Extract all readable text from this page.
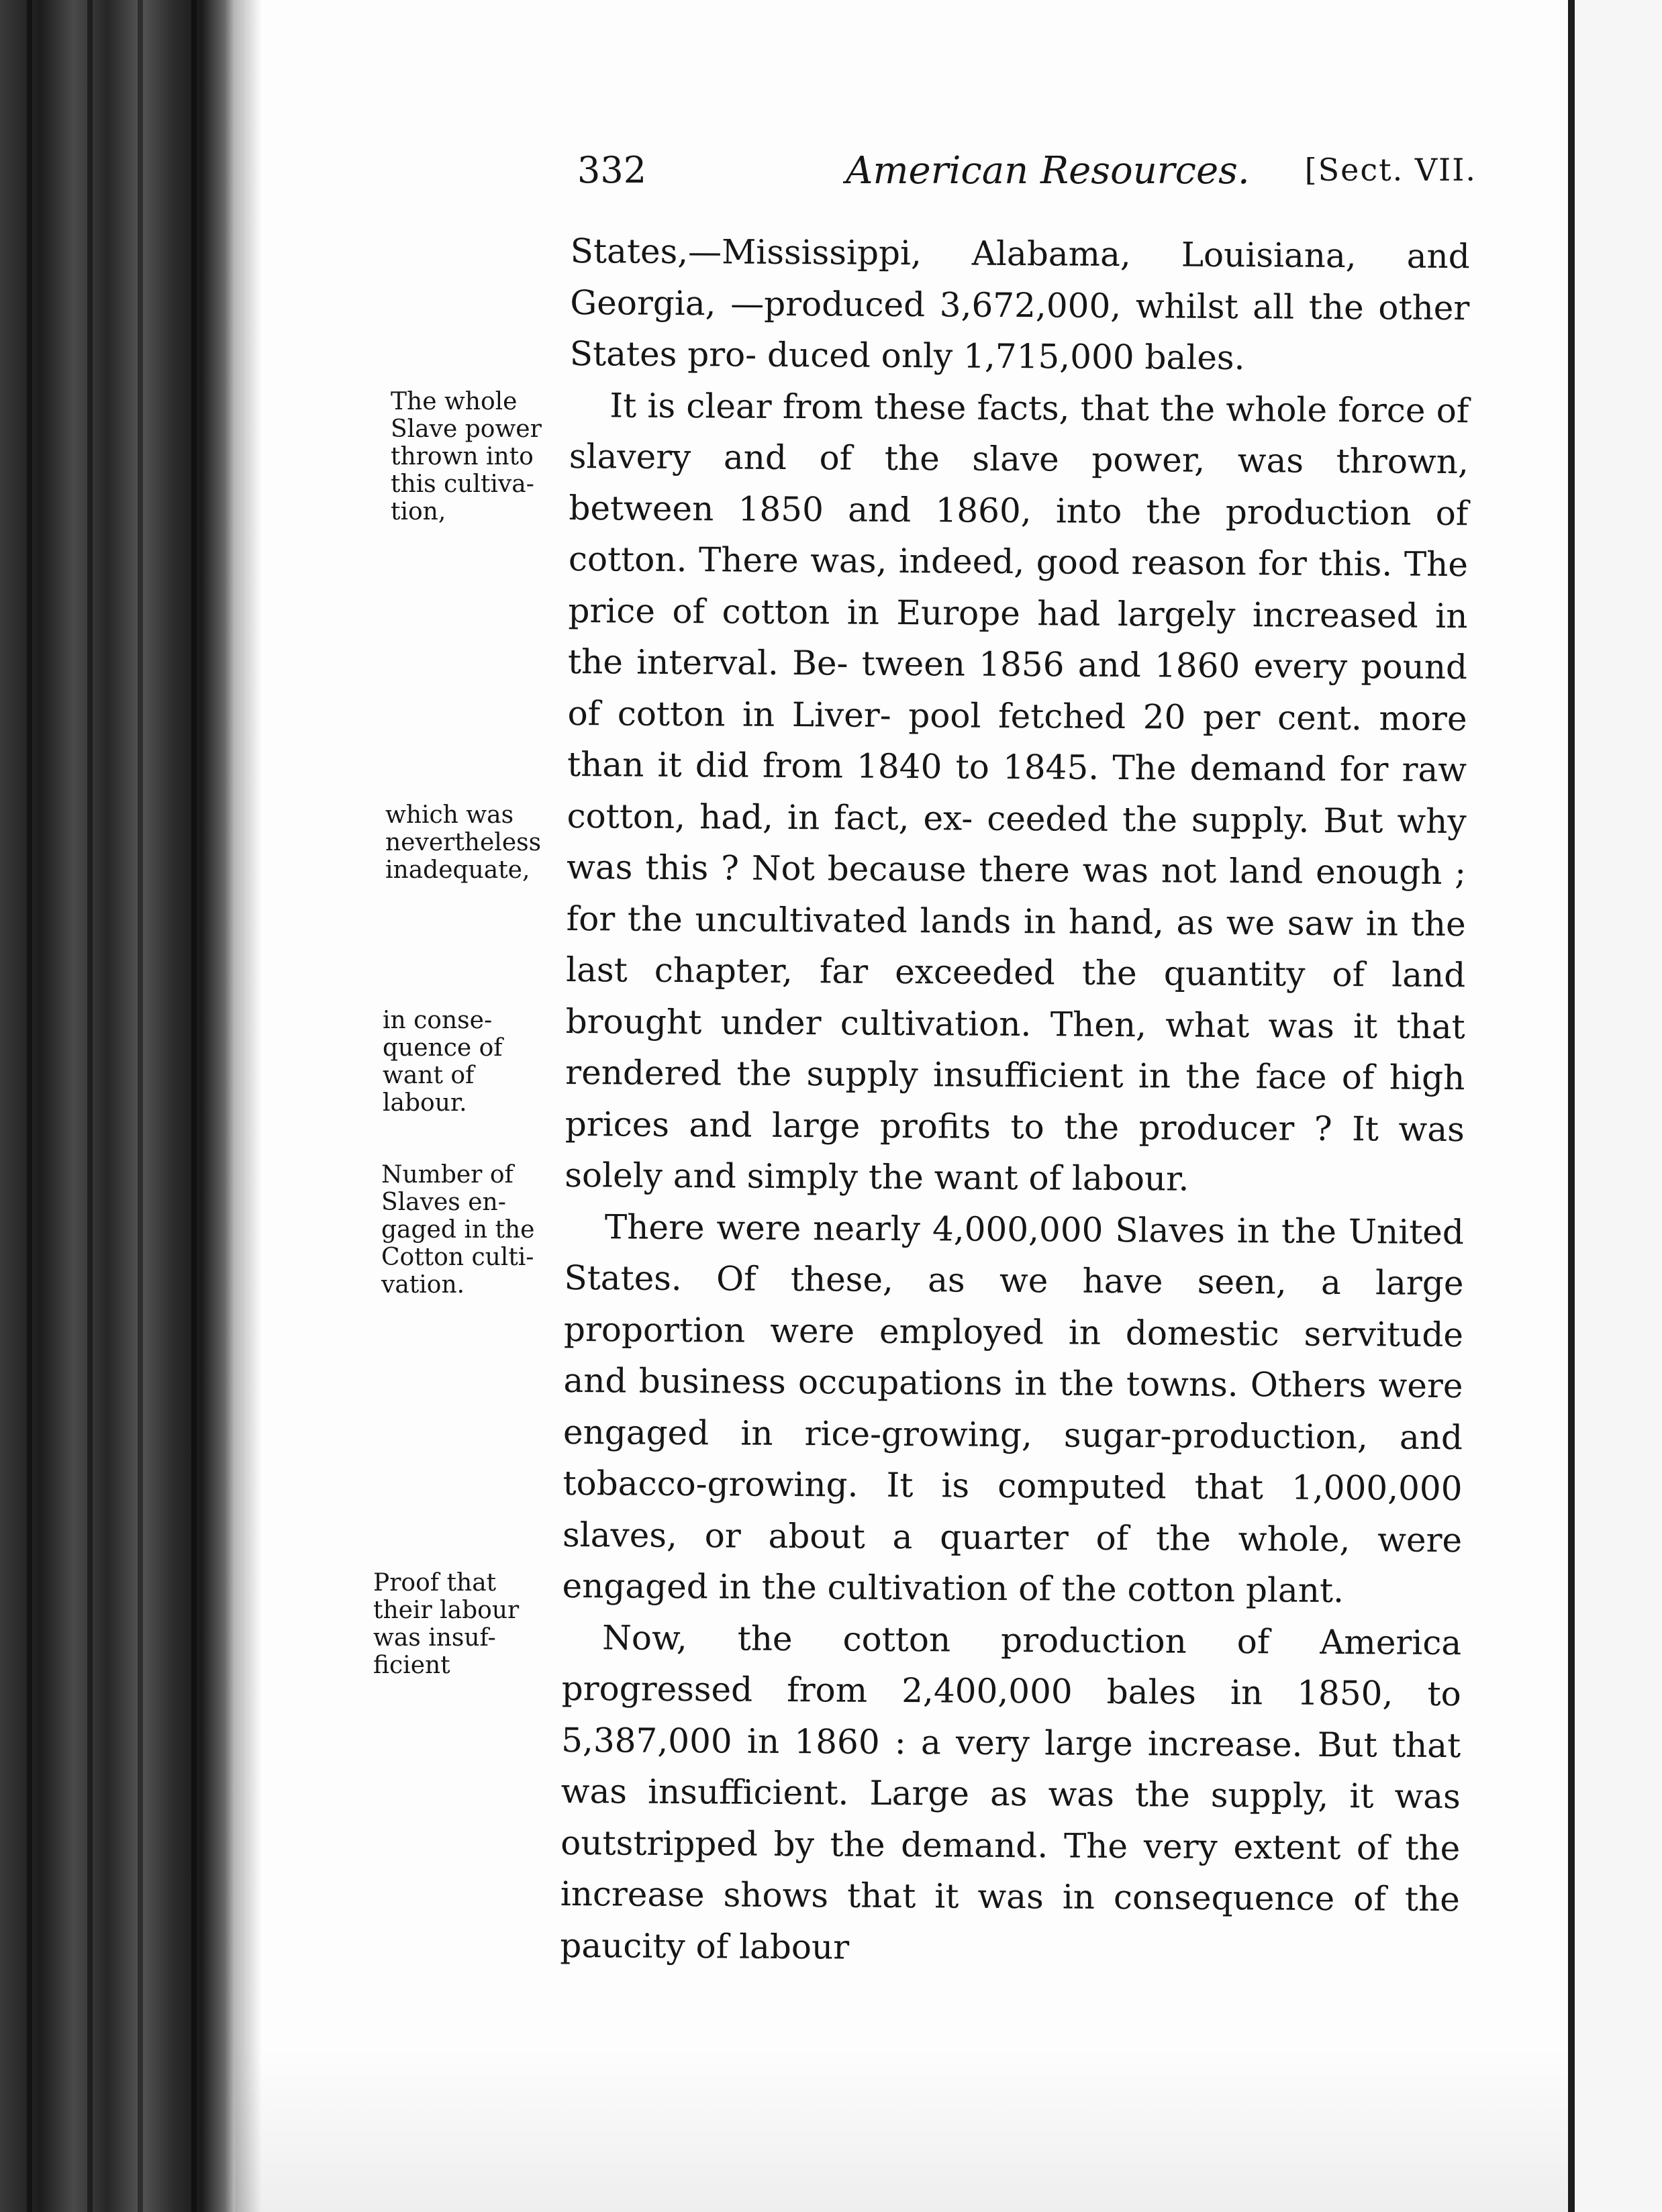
332	American Resources. [Sect. VII.
The whole Slave power thrown into this cultiva- tion,
which was nevertheless inadequate,
in conse- quence of want of labour.
Number of Slaves en- gaged in the Cotton culti- vation.
Proof that their labour was insuf- ficient

States,—Mississippi, Alabama, Louisiana, and Georgia, —produced 3,672,000, whilst all the other States pro- duced only 1,715,000 bales.

It is clear from these facts, that the whole force of slavery and of the slave power, was thrown, between 1850 and 1860, into the production of cotton. There was, indeed, good reason for this. The price of cotton in Europe had largely increased in the interval. Be- tween 1856 and 1860 every pound of cotton in Liver- pool fetched 20 per cent. more than it did from 1840 to 1845. The demand for raw cotton, had, in fact, ex- ceeded the supply. But why was this ? Not because there was not land enough ; for the uncultivated lands in hand, as we saw in the last chapter, far exceeded the quantity of land brought under cultivation. Then, what was it that rendered the supply insufficient in the face of high prices and large profits to the producer ? It was solely and simply the want of labour.

There were nearly 4,000,000 Slaves in the United States. Of these, as we have seen, a large proportion were employed in domestic servitude and business occupations in the towns. Others were engaged in rice-growing, sugar-production, and tobacco-growing. It is computed that 1,000,000 slaves, or about a quarter of the whole, were engaged in the cultivation of the cotton plant.

Now, the cotton production of America progressed from 2,400,000 bales in 1850, to 5,387,000 in 1860 : a very large increase. But that was insufficient. Large as was the supply, it was outstripped by the demand. The very extent of the increase shows that it was in consequence of the paucity of labour
